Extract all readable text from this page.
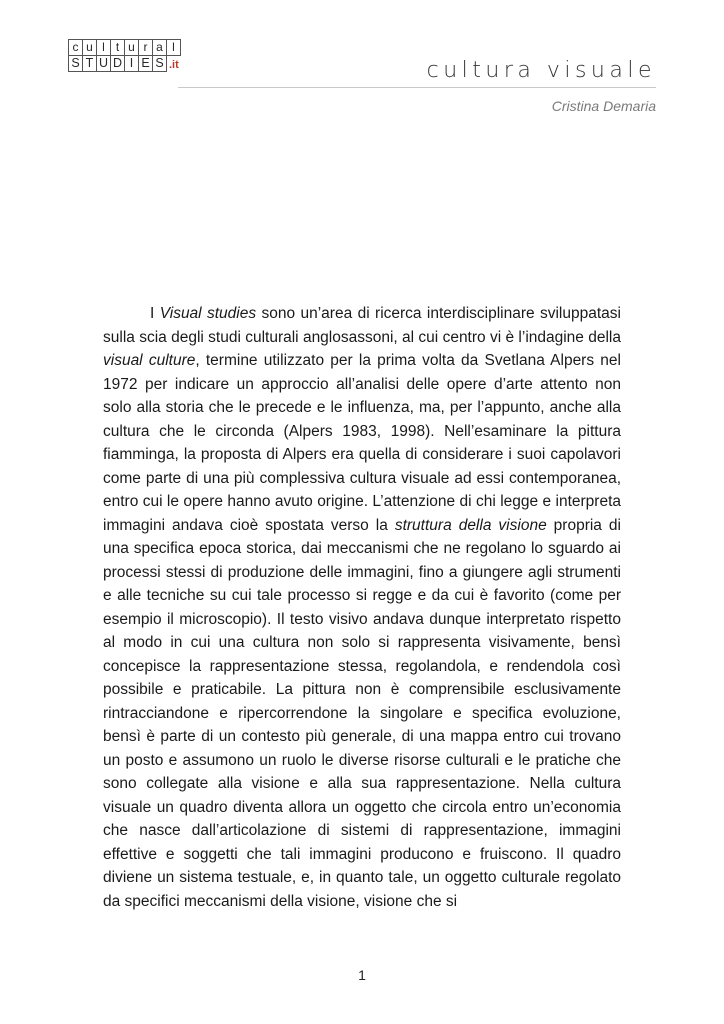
c u l t u r a l
S T U D I E S .it	cultura visuale
Cristina Demaria

I Visual studies sono un’area di ricerca interdisciplinare sviluppatasi sulla scia degli studi culturali anglosassoni, al cui centro vi è l’indagine della visual culture, termine utilizzato per la prima volta da Svetlana Alpers nel 1972 per indicare un approccio all’analisi delle opere d’arte attento non solo alla storia che le precede e le influenza, ma, per l’appunto, anche alla cultura che le circonda (Alpers 1983, 1998). Nell’esaminare la pittura fiamminga, la proposta di Alpers era quella di considerare i suoi capolavori come parte di una più complessiva cultura visuale ad essi contemporanea, entro cui le opere hanno avuto origine. L’attenzione di chi legge e interpreta immagini andava cioè spostata verso la struttura della visione propria di una specifica epoca storica, dai meccanismi che ne regolano lo sguardo ai processi stessi di produzione delle immagini, fino a giungere agli strumenti e alle tecniche su cui tale processo si regge e da cui è favorito (come per esempio il microscopio). Il testo visivo andava dunque interpretato rispetto al modo in cui una cultura non solo si rappresenta visivamente, bensì concepisce la rappresentazione stessa, regolandola, e rendendola così possibile e praticabile. La pittura non è comprensibile esclusivamente rintracciandone e ripercorrendone la singolare e specifica evoluzione, bensì è parte di un contesto più generale, di una mappa entro cui trovano un posto e assumono un ruolo le diverse risorse culturali e le pratiche che sono collegate alla visione e alla sua rappresentazione. Nella cultura visuale un quadro diventa allora un oggetto che circola entro un’economia che nasce dall’articolazione di sistemi di rappresentazione, immagini effettive e soggetti che tali immagini producono e fruiscono. Il quadro diviene un sistema testuale, e, in quanto tale, un oggetto culturale regolato da specifici meccanismi della visione, visione che si

1
